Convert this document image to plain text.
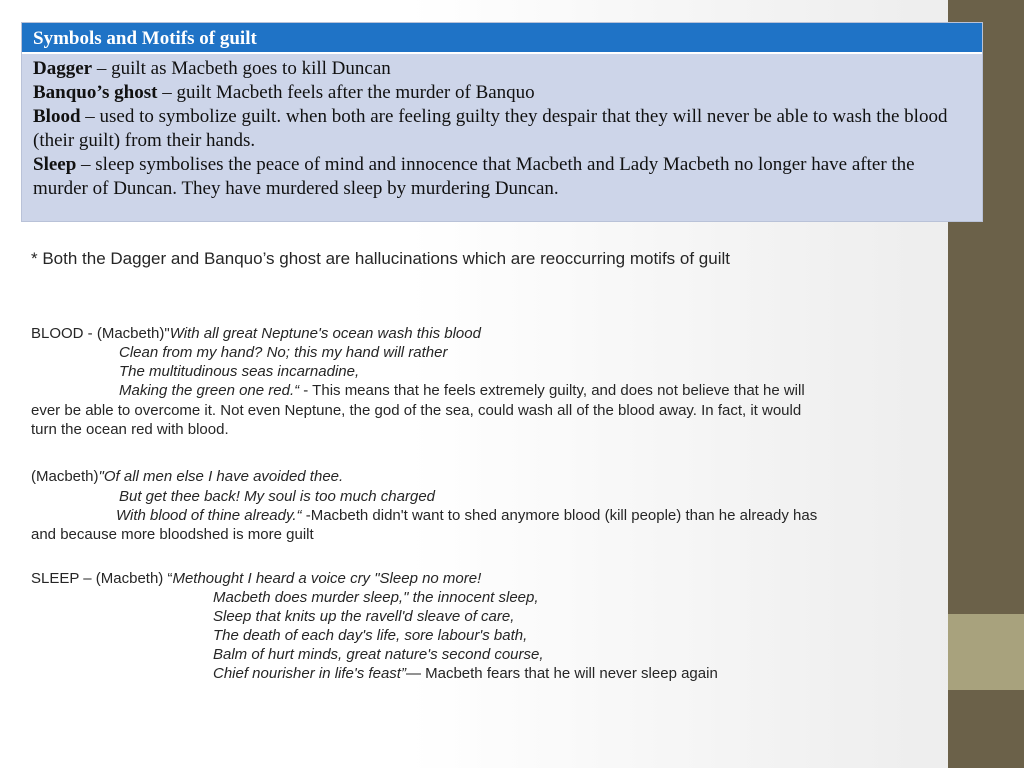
Symbols and Motifs of guilt

Dagger – guilt as Macbeth goes to kill Duncan

Banquo’s ghost – guilt Macbeth feels after the murder of Banquo

Blood – used to symbolize guilt. when both are feeling guilty they despair that they will never be able to wash the blood (their guilt) from their hands.

Sleep – sleep symbolises the peace of mind and innocence that Macbeth and Lady Macbeth no longer have after the murder of Duncan. They have murdered sleep by murdering Duncan.

* Both the Dagger and Banquo’s ghost are hallucinations which are reoccurring motifs of guilt
BLOOD - (Macbeth)"With all great Neptune's ocean wash this blood
Clean from my hand? No; this my hand will rather
The multitudinous seas incarnadine,
Making the green one red.“ - This means that he feels extremely guilty, and does not believe that he will
ever be able to overcome it. Not even Neptune, the god of the sea, could wash all of the blood away. In fact, it would
turn the ocean red with blood.
(Macbeth)"Of all men else I have avoided thee.
But get thee back! My soul is too much charged
With blood of thine already.“ -Macbeth didn't want to shed anymore blood (kill people) than he already has
and because more bloodshed is more guilt
SLEEP – (Macbeth) “Methought I heard a voice cry "Sleep no more!
Macbeth does murder sleep," the innocent sleep,
Sleep that knits up the ravell'd sleave of care,
The death of each day's life, sore labour's bath,
Balm of hurt minds, great nature's second course,
Chief nourisher in life's feast”— Macbeth fears that he will never sleep again
